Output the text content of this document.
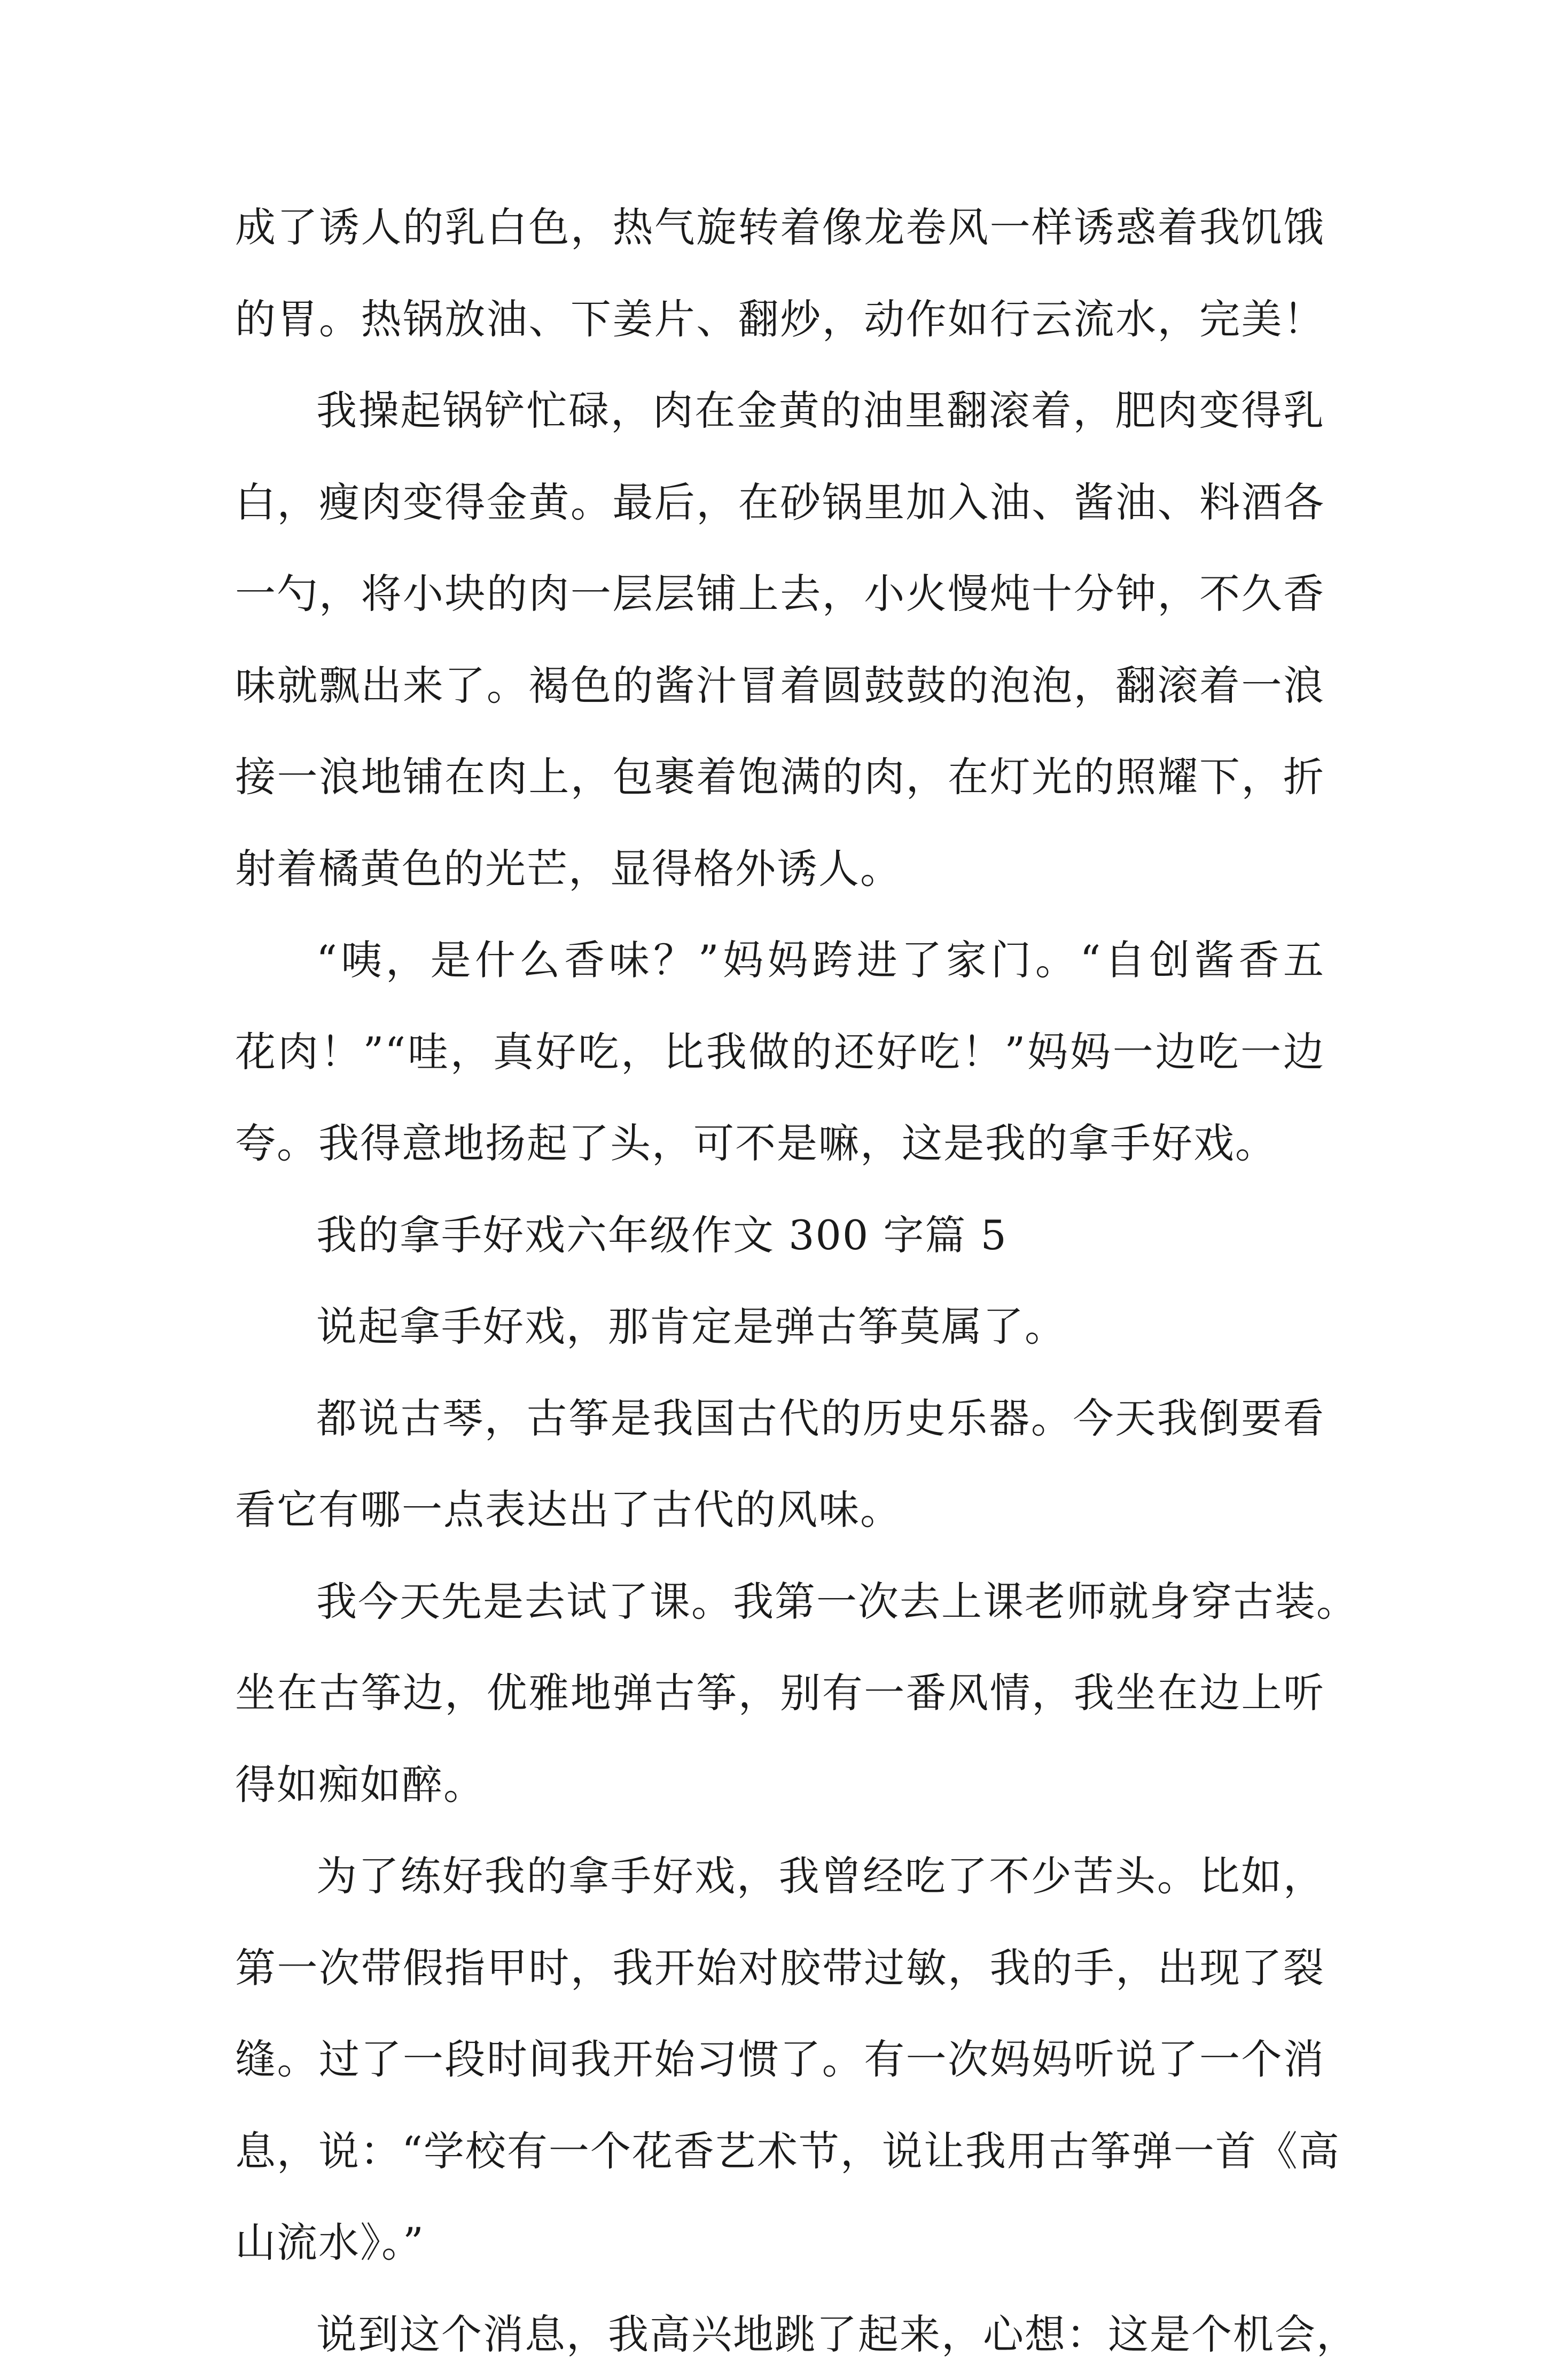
成了诱人的乳白色，热气旋转着像龙卷风一样诱惑着我饥饿
的胃。热锅放油、下姜片、翻炒，动作如行云流水，完美！
我操起锅铲忙碌，肉在金黄的油里翻滚着，肥肉变得乳
白，瘦肉变得金黄。最后，在砂锅里加入油、酱油、料酒各
一勺，将小块的肉一层层铺上去，小火慢炖十分钟，不久香
味就飘出来了。褐色的酱汁冒着圆鼓鼓的泡泡，翻滚着一浪
接一浪地铺在肉上，包裹着饱满的肉，在灯光的照耀下，折
射着橘黄色的光芒，显得格外诱人。
“咦，是什么香味？”妈妈跨进了家门。“自创酱香五
花肉！”“哇，真好吃，比我做的还好吃！”妈妈一边吃一边
夸。我得意地扬起了头，可不是嘛，这是我的拿手好戏。
我的拿手好戏六年级作文 300 字篇 5
说起拿手好戏，那肯定是弹古筝莫属了。
都说古琴，古筝是我国古代的历史乐器。今天我倒要看
看它有哪一点表达出了古代的风味。
我今天先是去试了课。我第一次去上课老师就身穿古装。
坐在古筝边，优雅地弹古筝，别有一番风情，我坐在边上听
得如痴如醉。
为了练好我的拿手好戏，我曾经吃了不少苦头。比如，
第一次带假指甲时，我开始对胶带过敏，我的手，出现了裂
缝。过了一段时间我开始习惯了。有一次妈妈听说了一个消
息，说：“学校有一个花香艺术节，说让我用古筝弹一首《高
山流水》。”
说到这个消息，我高兴地跳了起来，心想：这是个机会，
